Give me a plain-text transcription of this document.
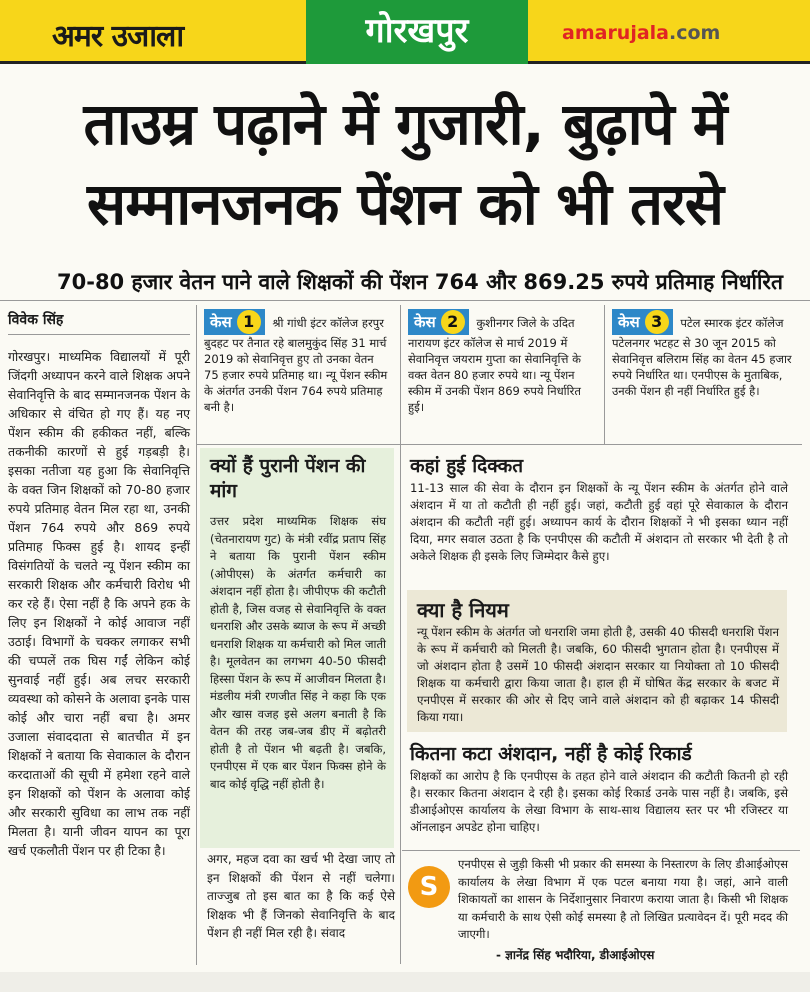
अमर उजाला	गोरखपुर	amarujala.com
ताउम्र पढ़ाने में गुजारी, बुढ़ापे में
सम्मानजनक पेंशन को भी तरसे
70-80 हजार वेतन पाने वाले शिक्षकों की पेंशन 764 और 869.25 रुपये प्रतिमाह निर्धारित
विवेक सिंह
गोरखपुर। माध्यमिक विद्यालयों में पूरी जिंदगी अध्यापन करने वाले शिक्षक अपने सेवानिवृत्ति के बाद सम्मानजनक पेंशन के अधिकार से वंचित हो गए हैं। यह नए पेंशन स्कीम की हकीकत नहीं, बल्कि तकनीकी कारणों से हुई गड़बड़ी है। इसका नतीजा यह हुआ कि सेवानिवृत्ति के वक्त जिन शिक्षकों को 70-80 हजार रुपये प्रतिमाह वेतन मिल रहा था, उनकी पेंशन 764 रुपये और 869 रुपये प्रतिमाह फिक्स हुई है। शायद इन्हीं विसंगतियों के चलते न्यू पेंशन स्कीम का सरकारी शिक्षक और कर्मचारी विरोध भी कर रहे हैं। ऐसा नहीं है कि अपने हक के लिए इन शिक्षकों ने कोई आवाज नहीं उठाई। विभागों के चक्कर लगाकर सभी की चप्पलें तक घिस गईं लेकिन कोई सुनवाई नहीं हुई। अब लचर सरकारी व्यवस्था को कोसने के अलावा इनके पास कोई और चारा नहीं बचा है। अमर उजाला संवाददाता से बातचीत में इन शिक्षकों ने बताया कि सेवाकाल के दौरान करदाताओं की सूची में हमेशा रहने वाले इन शिक्षकों को पेंशन के अलावा कोई और सरकारी सुविधा का लाभ तक नहीं मिलता है। यानी जीवन यापन का पूरा खर्च एकलौती पेंशन पर ही टिका है।
केस 1	श्री गांधी इंटर कॉलेज हरपुर बुदहट पर तैनात रहे बालमुकुंद सिंह 31 मार्च 2019 को सेवानिवृत्त हुए तो उनका वेतन 75 हजार रुपये प्रतिमाह था। न्यू पेंशन स्कीम के अंतर्गत उनकी पेंशन 764 रुपये प्रतिमाह बनी है।
केस 2	कुशीनगर जिले के उदित नारायण इंटर कॉलेज से मार्च 2019 में सेवानिवृत्त जयराम गुप्ता का सेवानिवृत्ति के वक्त वेतन 80 हजार रुपये था। न्यू पेंशन स्कीम में उनकी पेंशन 869 रुपये निर्धारित हुई।
केस 3	पटेल स्मारक इंटर कॉलेज पटेलनगर भटहट से 30 जून 2015 को सेवानिवृत्त बलिराम सिंह का वेतन 45 हजार रुपये निर्धारित था। एनपीएस के मुताबिक, उनकी पेंशन ही नहीं निर्धारित हुई है।
क्यों हैं पुरानी पेंशन की मांग

उत्तर प्रदेश माध्यमिक शिक्षक संघ (चेतनारायण गुट) के मंत्री रवींद्र प्रताप सिंह ने बताया कि पुरानी पेंशन स्कीम (ओपीएस) के अंतर्गत कर्मचारी का अंशदान नहीं होता है। जीपीएफ की कटौती होती है, जिस वजह से सेवानिवृत्ति के वक्त धनराशि और उसके ब्याज के रूप में अच्छी धनराशि शिक्षक या कर्मचारी को मिल जाती है। मूलवेतन का लगभग 40-50 फीसदी हिस्सा पेंशन के रूप में आजीवन मिलता है। मंडलीय मंत्री रणजीत सिंह ने कहा कि एक और खास वजह इसे अलग बनाती है कि वेतन की तरह जब-जब डीए में बढ़ोतरी होती है तो पेंशन भी बढ़ती है। जबकि, एनपीएस में एक बार पेंशन फिक्स होने के बाद कोई वृद्धि नहीं होती है।

अगर, महज दवा का खर्च भी देखा जाए तो इन शिक्षकों की पेंशन से नहीं चलेगा। ताज्जुब तो इस बात का है कि कई ऐसे शिक्षक भी हैं जिनको सेवानिवृत्ति के बाद पेंशन ही नहीं मिल रही है। संवाद
कहां हुई दिक्कत
11-13 साल की सेवा के दौरान इन शिक्षकों के न्यू पेंशन स्कीम के अंतर्गत होने वाले अंशदान में या तो कटौती ही नहीं हुई। जहां, कटौती हुई वहां पूरे सेवाकाल के दौरान अंशदान की कटौती नहीं हुई। अध्यापन कार्य के दौरान शिक्षकों ने भी इसका ध्यान नहीं दिया, मगर सवाल उठता है कि एनपीएस की कटौती में अंशदान तो सरकार भी देती है तो अकेले शिक्षक ही इसके लिए जिम्मेदार कैसे हुए।
क्या है नियम
न्यू पेंशन स्कीम के अंतर्गत जो धनराशि जमा होती है, उसकी 40 फीसदी धनराशि पेंशन के रूप में कर्मचारी को मिलती है। जबकि, 60 फीसदी भुगतान होता है। एनपीएस में जो अंशदान होता है उसमें 10 फीसदी अंशदान सरकार या नियोक्ता तो 10 फीसदी शिक्षक या कर्मचारी द्वारा किया जाता है। हाल ही में घोषित केंद्र सरकार के बजट में एनपीएस में सरकार की ओर से दिए जाने वाले अंशदान को ही बढ़ाकर 14 फीसदी किया गया।
कितना कटा अंशदान, नहीं है कोई रिकार्ड
शिक्षकों का आरोप है कि एनपीएस के तहत होने वाले अंशदान की कटौती कितनी हो रही है। सरकार कितना अंशदान दे रही है। इसका कोई रिकार्ड उनके पास नहीं है। जबकि, इसे डीआईओएस कार्यालय के लेखा विभाग के साथ-साथ विद्यालय स्तर पर भी रजिस्टर या ऑनलाइन अपडेट होना चाहिए।
S

एनपीएस से जुड़ी किसी भी प्रकार की समस्या के निस्तारण के लिए डीआईओएस कार्यालय के लेखा विभाग में एक पटल बनाया गया है। जहां, आने वाली शिकायतों का शासन के निर्देशानुसार निवारण कराया जाता है। किसी भी शिक्षक या कर्मचारी के साथ ऐसी कोई समस्या है तो लिखित प्रत्यावेदन दें। पूरी मदद की जाएगी।

- ज्ञानेंद्र सिंह भदौरिया, डीआईओएस
